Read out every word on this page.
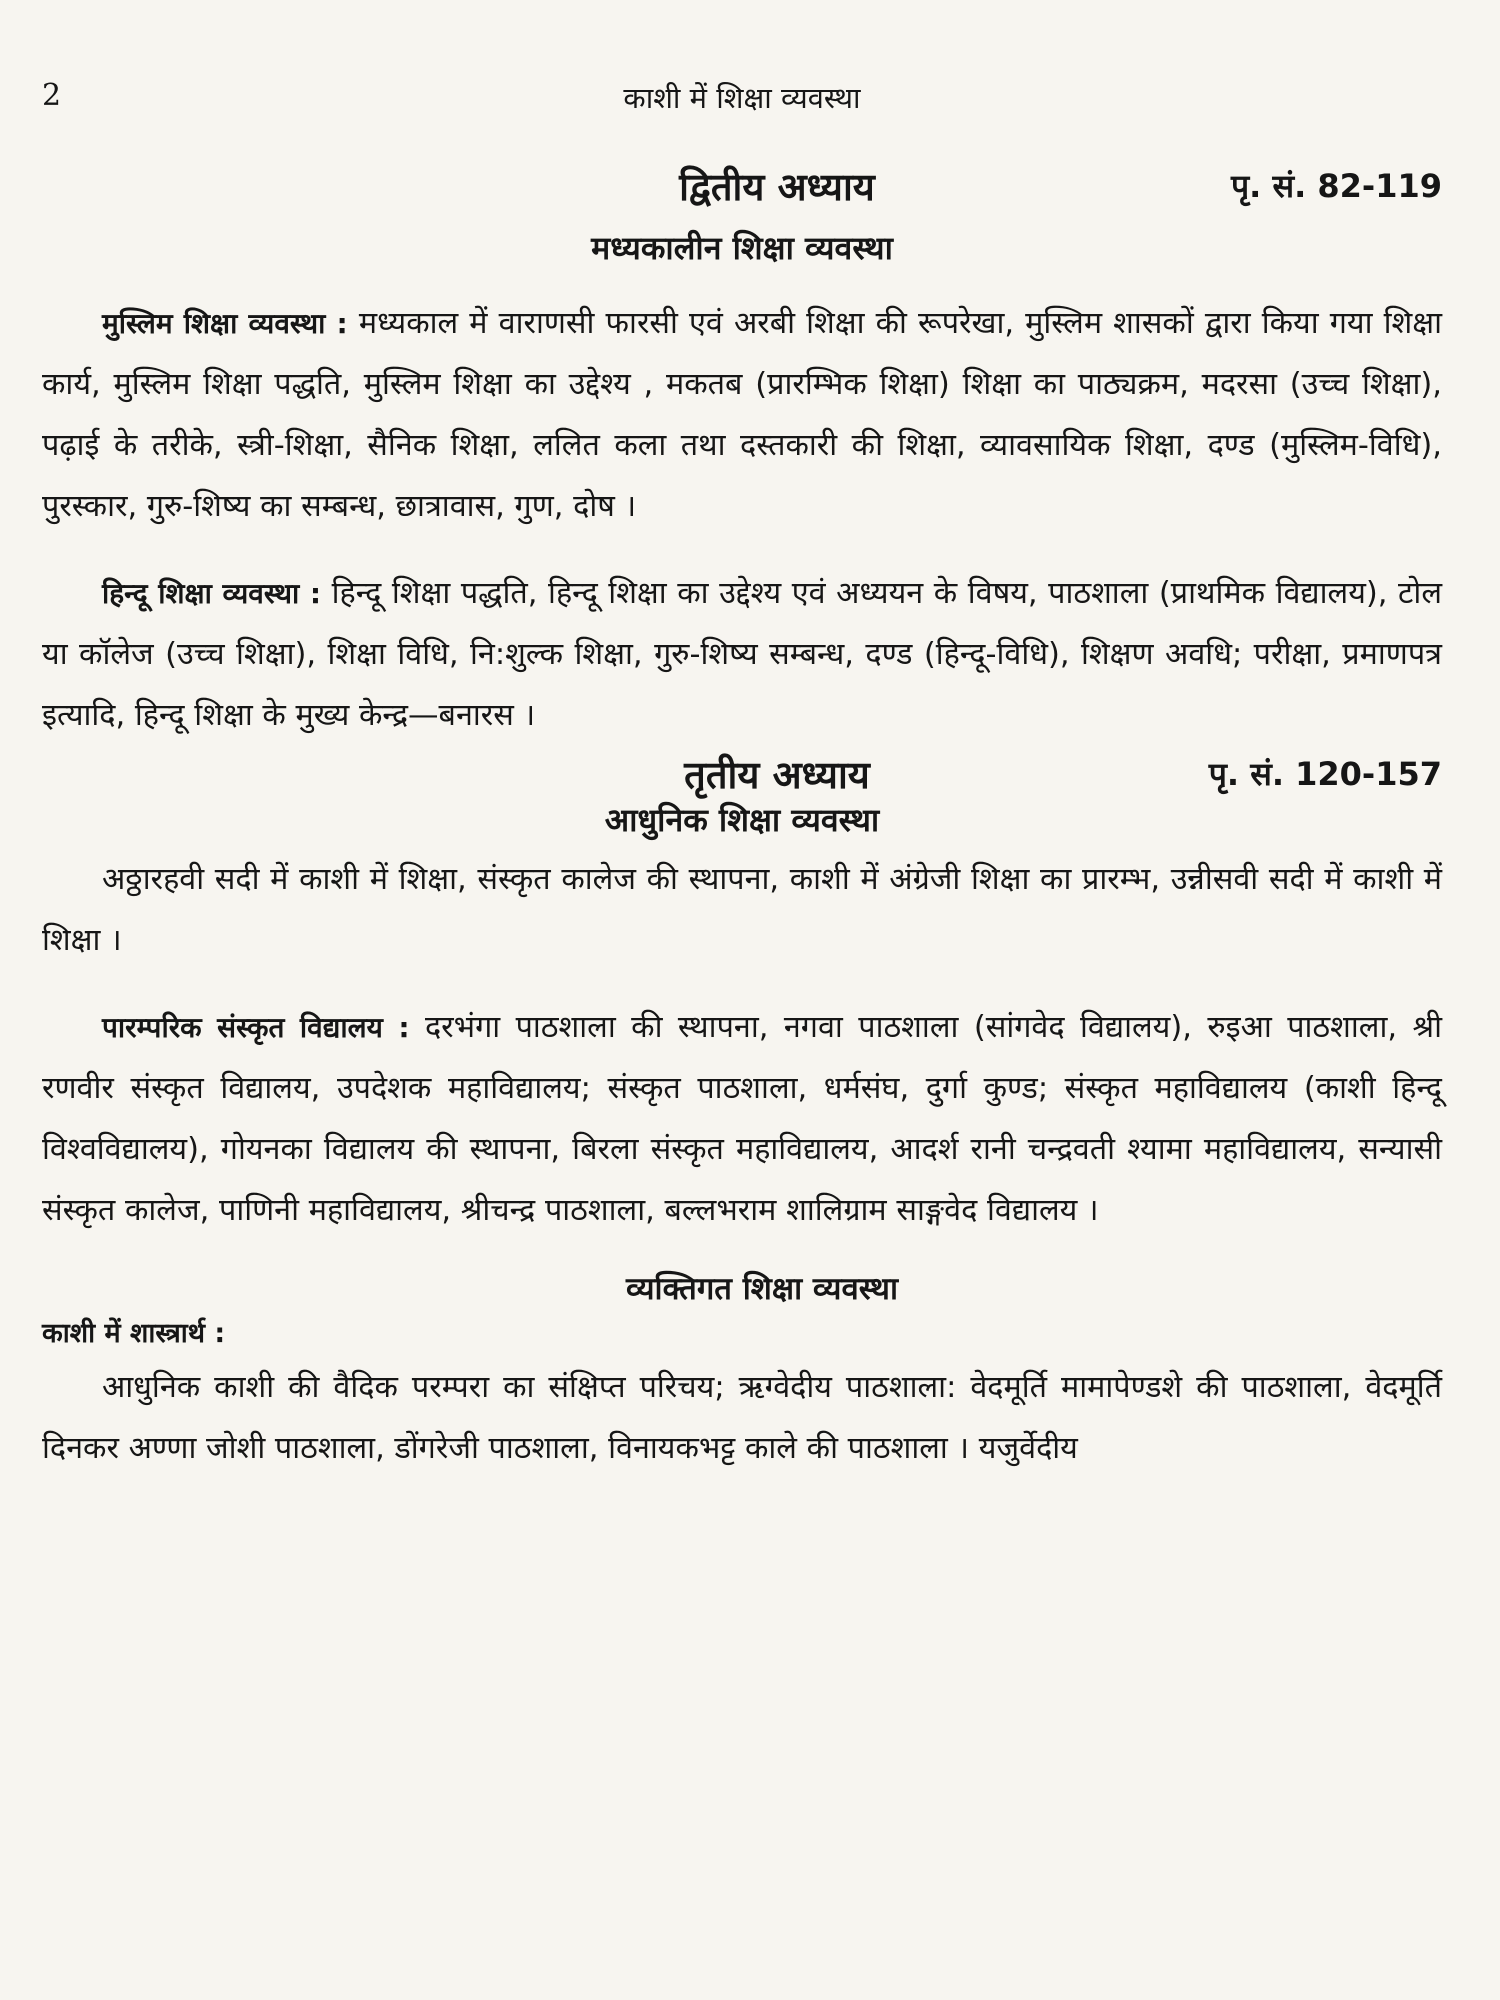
2	काशी में शिक्षा व्यवस्था
द्वितीय अध्याय	पृ. सं. 82-119
मध्यकालीन शिक्षा व्यवस्था

मुस्लिम शिक्षा व्यवस्था : मध्यकाल में वाराणसी फारसी एवं अरबी शिक्षा की रूपरेखा, मुस्लिम शासकों द्वारा किया गया शिक्षा कार्य, मुस्लिम शिक्षा पद्धति, मुस्लिम शिक्षा का उद्देश्य , मकतब (प्रारम्भिक शिक्षा) शिक्षा का पाठ्यक्रम, मदरसा (उच्च शिक्षा), पढ़ाई के तरीके, स्त्री-शिक्षा, सैनिक शिक्षा, ललित कला तथा दस्तकारी की शिक्षा, व्यावसायिक शिक्षा, दण्ड (मुस्लिम-विधि), पुरस्कार, गुरु-शिष्य का सम्बन्ध, छात्रावास, गुण, दोष ।

हिन्दू शिक्षा व्यवस्था : हिन्दू शिक्षा पद्धति, हिन्दू शिक्षा का उद्देश्य एवं अध्ययन के विषय, पाठशाला (प्राथमिक विद्यालय), टोल या कॉलेज (उच्च शिक्षा), शिक्षा विधि, नि:शुल्क शिक्षा, गुरु-शिष्य सम्बन्ध, दण्ड (हिन्दू-विधि), शिक्षण अवधि; परीक्षा, प्रमाणपत्र इत्यादि, हिन्दू शिक्षा के मुख्य केन्द्र—बनारस ।

तृतीय अध्याय	पृ. सं. 120-157
आधुनिक शिक्षा व्यवस्था

अठ्ठारहवी सदी में काशी में शिक्षा, संस्कृत कालेज की स्थापना, काशी में अंग्रेजी शिक्षा का प्रारम्भ, उन्नीसवी सदी में काशी में शिक्षा ।

पारम्परिक संस्कृत विद्यालय : दरभंगा पाठशाला की स्थापना, नगवा पाठशाला (सांगवेद विद्यालय), रुइआ पाठशाला, श्री रणवीर संस्कृत विद्यालय, उपदेशक महाविद्यालय; संस्कृत पाठशाला, धर्मसंघ, दुर्गा कुण्ड; संस्कृत महाविद्यालय (काशी हिन्दू विश्वविद्यालय), गोयनका विद्यालय की स्थापना, बिरला संस्कृत महाविद्यालय, आदर्श रानी चन्द्रवती श्यामा महाविद्यालय, सन्यासी संस्कृत कालेज, पाणिनी महाविद्यालय, श्रीचन्द्र पाठशाला, बल्लभराम शालिग्राम साङ्गवेद विद्यालय ।

व्यक्तिगत शिक्षा व्यवस्था
काशी में शास्त्रार्थ :

आधुनिक काशी की वैदिक परम्परा का संक्षिप्त परिचय; ऋग्वेदीय पाठशाला: वेदमूर्ति मामापेण्डशे की पाठशाला, वेदमूर्ति दिनकर अण्णा जोशी पाठशाला, डोंगरेजी पाठशाला, विनायकभट्ट काले की पाठशाला । यजुर्वेदीय
